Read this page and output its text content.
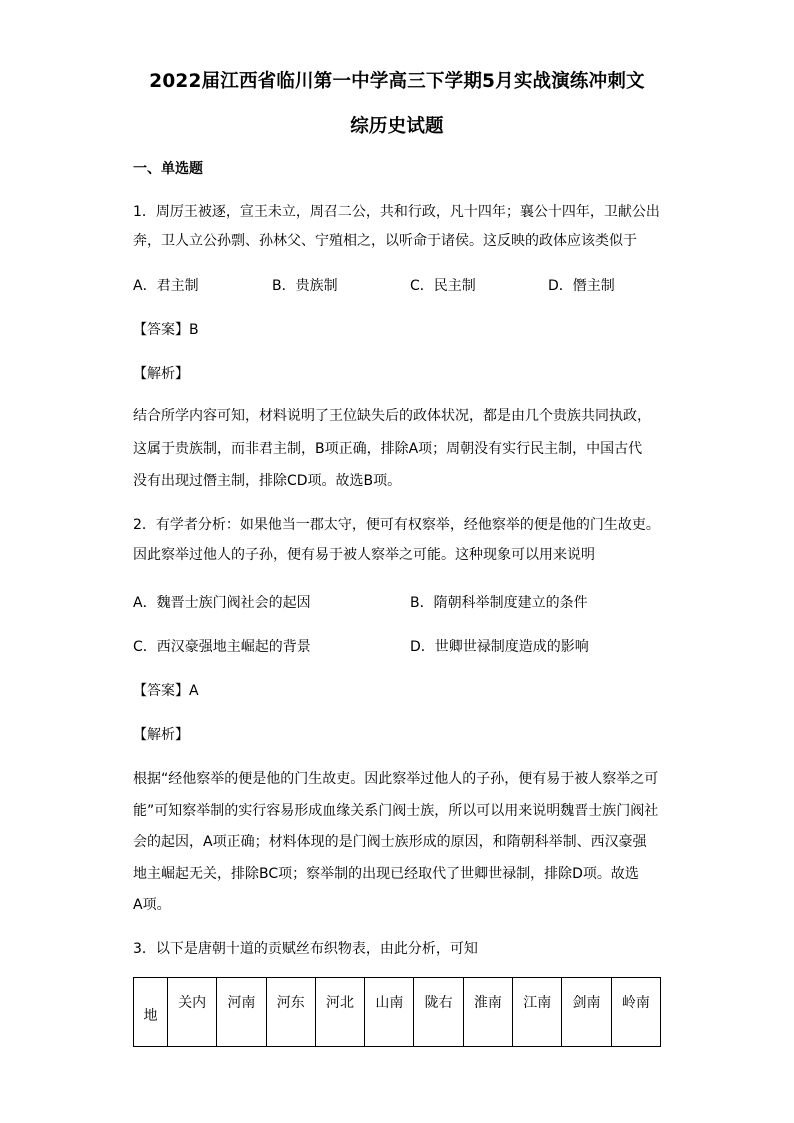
2022届江西省临川第一中学高三下学期5月实战演练冲刺文
综历史试题
一、单选题
1．周厉王被逐，宣王未立，周召二公，共和行政，凡十四年；襄公十四年，卫献公出
奔，卫人立公孙剽、孙林父、宁殖相之，以听命于诸侯。这反映的政体应该类似于
A．君主制	B．贵族制	C．民主制	D．僭主制
【答案】B
【解析】
结合所学内容可知，材料说明了王位缺失后的政体状况，都是由几个贵族共同执政，
这属于贵族制，而非君主制，B项正确，排除A项；周朝没有实行民主制，中国古代
没有出现过僭主制，排除CD项。故选B项。
2．有学者分析：如果他当一郡太守，便可有权察举，经他察举的便是他的门生故吏。
因此察举过他人的子孙，便有易于被人察举之可能。这种现象可以用来说明
A．魏晋士族门阀社会的起因	B．隋朝科举制度建立的条件
C．西汉豪强地主崛起的背景	D．世卿世禄制度造成的影响
【答案】A
【解析】
根据“经他察举的便是他的门生故吏。因此察举过他人的子孙，便有易于被人察举之可
能”可知察举制的实行容易形成血缘关系门阀士族，所以可以用来说明魏晋士族门阀社
会的起因，A项正确；材料体现的是门阀士族形成的原因，和隋朝科举制、西汉豪强
地主崛起无关，排除BC项；察举制的出现已经取代了世卿世禄制，排除D项。故选
A项。
3．以下是唐朝十道的贡赋丝布织物表，由此分析，可知
地	关内	河南	河东	河北	山南	陇右	淮南	江南	剑南	岭南
